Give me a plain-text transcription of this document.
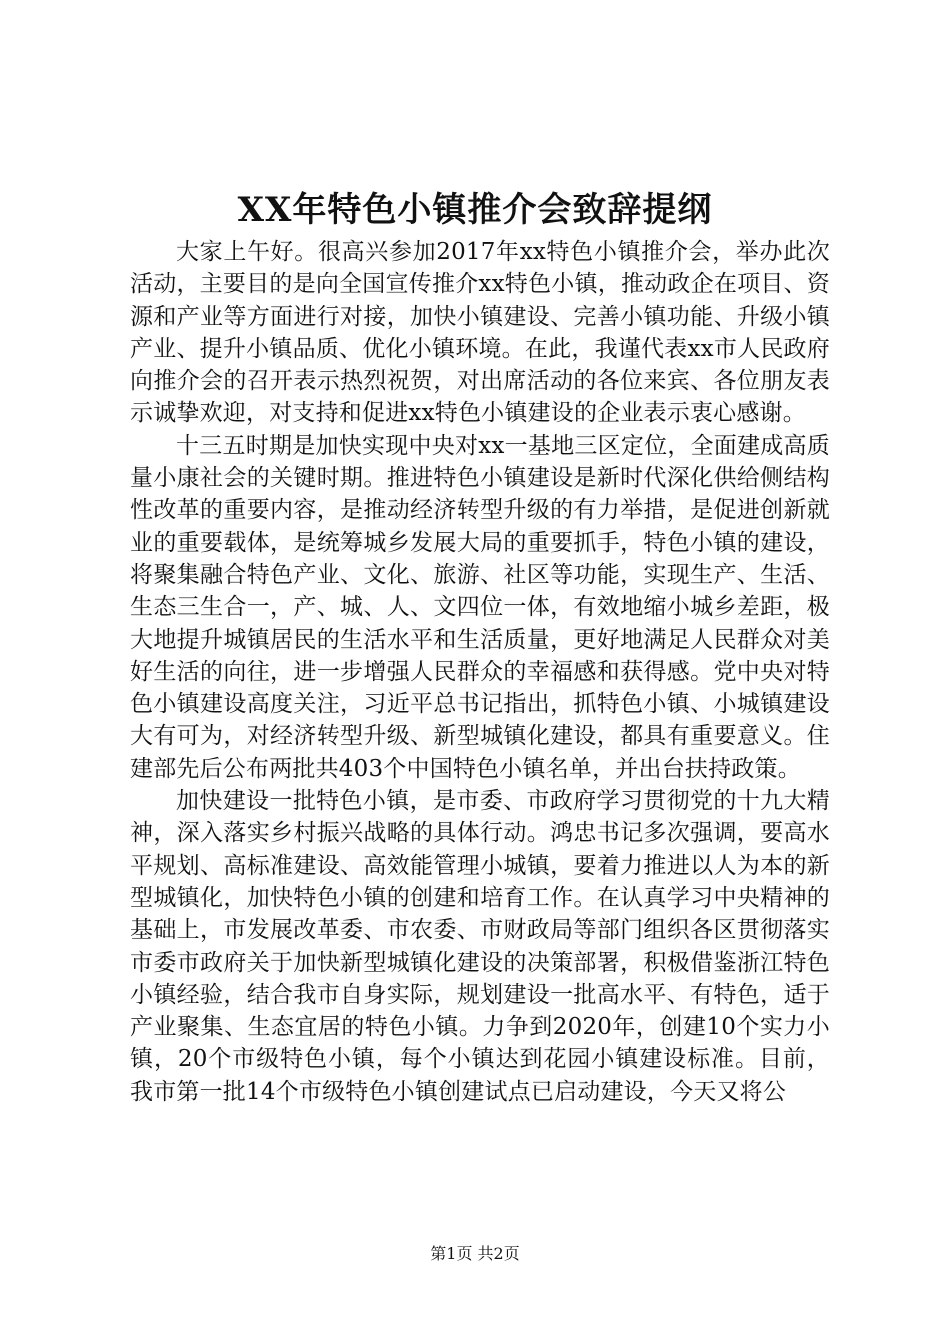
XX年特色小镇推介会致辞提纲

大家上午好。很高兴参加2017年xx特色小镇推介会，举办此次活动，主要目的是向全国宣传推介xx特色小镇，推动政企在项目、资源和产业等方面进行对接，加快小镇建设、完善小镇功能、升级小镇产业、提升小镇品质、优化小镇环境。在此，我谨代表xx市人民政府向推介会的召开表示热烈祝贺，对出席活动的各位来宾、各位朋友表示诚挚欢迎，对支持和促进xx特色小镇建设的企业表示衷心感谢。

十三五时期是加快实现中央对xx一基地三区定位，全面建成高质量小康社会的关键时期。推进特色小镇建设是新时代深化供给侧结构性改革的重要内容，是推动经济转型升级的有力举措，是促进创新就业的重要载体，是统筹城乡发展大局的重要抓手，特色小镇的建设，将聚集融合特色产业、文化、旅游、社区等功能，实现生产、生活、生态三生合一，产、城、人、文四位一体，有效地缩小城乡差距，极大地提升城镇居民的生活水平和生活质量，更好地满足人民群众对美好生活的向往，进一步增强人民群众的幸福感和获得感。党中央对特色小镇建设高度关注，习近平总书记指出，抓特色小镇、小城镇建设大有可为，对经济转型升级、新型城镇化建设，都具有重要意义。住建部先后公布两批共403个中国特色小镇名单，并出台扶持政策。

加快建设一批特色小镇，是市委、市政府学习贯彻党的十九大精神，深入落实乡村振兴战略的具体行动。鸿忠书记多次强调，要高水平规划、高标准建设、高效能管理小城镇，要着力推进以人为本的新型城镇化，加快特色小镇的创建和培育工作。在认真学习中央精神的基础上，市发展改革委、市农委、市财政局等部门组织各区贯彻落实市委市政府关于加快新型城镇化建设的决策部署，积极借鉴浙江特色小镇经验，结合我市自身实际，规划建设一批高水平、有特色，适于产业聚集、生态宜居的特色小镇。力争到2020年，创建10个实力小镇，20个市级特色小镇，每个小镇达到花园小镇建设标准。目前，我市第一批14个市级特色小镇创建试点已启动建设，今天又将公

第1页 共2页
